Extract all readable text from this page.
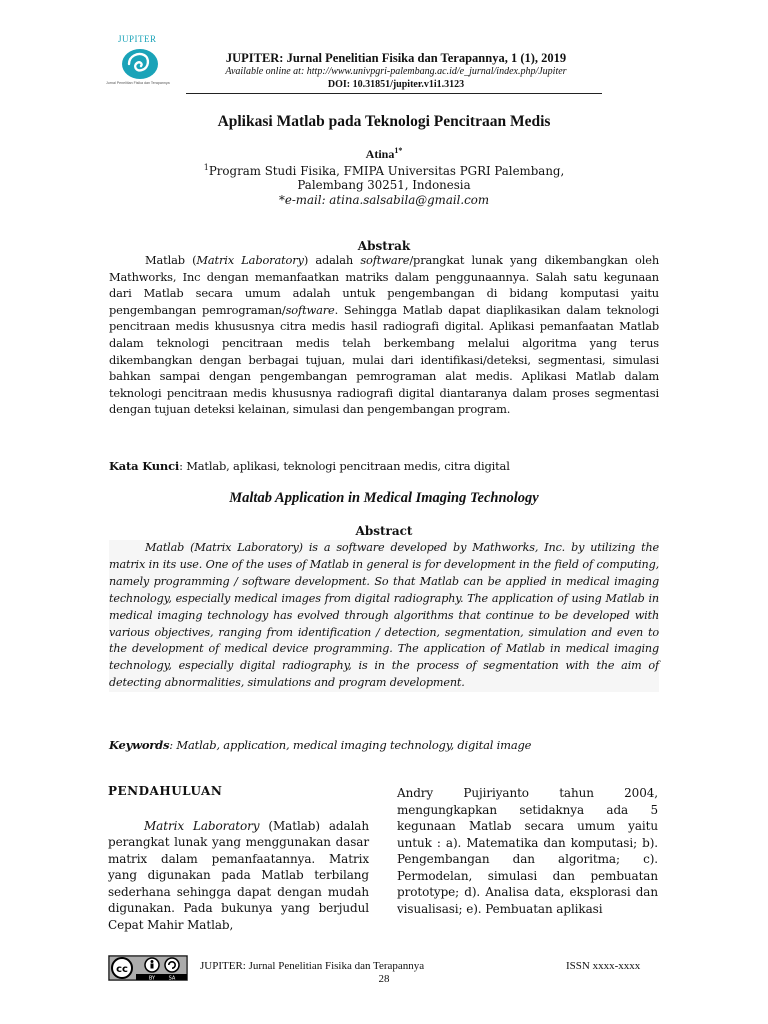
JUPITER
Jurnal Penelitian Fisika dan Terapannya
JUPITER: Jurnal Penelitian Fisika dan Terapannya, 1 (1), 2019
Available online at: http://www.univpgri-palembang.ac.id/e_jurnal/index.php/Jupiter
DOI: 10.31851/jupiter.v1i1.3123
Aplikasi Matlab pada Teknologi Pencitraan Medis
Atina$^{1*}$
$^1$Program Studi Fisika, FMIPA Universitas PGRI Palembang,
Palembang 30251, Indonesia
*e-mail: atina.salsabila@gmail.com
Abstrak
Matlab (Matrix Laboratory) adalah software/prangkat lunak yang dikembangkan oleh Mathworks, Inc dengan memanfaatkan matriks dalam penggunaannya. Salah satu kegunaan dari Matlab secara umum adalah untuk pengembangan di bidang komputasi yaitu pengembangan pemrograman/software. Sehingga Matlab dapat diaplikasikan dalam teknologi pencitraan medis khususnya citra medis hasil radiografi digital. Aplikasi pemanfaatan Matlab dalam teknologi pencitraan medis telah berkembang melalui algoritma yang terus dikembangkan dengan berbagai tujuan, mulai dari identifikasi/deteksi, segmentasi, simulasi bahkan sampai dengan pengembangan pemrograman alat medis. Aplikasi Matlab dalam teknologi pencitraan medis khususnya radiografi digital diantaranya dalam proses segmentasi dengan tujuan deteksi kelainan, simulasi dan pengembangan program.
Kata Kunci: Matlab, aplikasi, teknologi pencitraan medis, citra digital
Maltab Application in Medical Imaging Technology
Abstract
Matlab (Matrix Laboratory) is a software developed by Mathworks, Inc. by utilizing the matrix in its use. One of the uses of Matlab in general is for development in the field of computing, namely programming / software development. So that Matlab can be applied in medical imaging technology, especially medical images from digital radiography. The application of using Matlab in medical imaging technology has evolved through algorithms that continue to be developed with various objectives, ranging from identification / detection, segmentation, simulation and even to the development of medical device programming. The application of Matlab in medical imaging technology, especially digital radiography, is in the process of segmentation with the aim of detecting abnormalities, simulations and program development.
Keywords: Matlab, application, medical imaging technology, digital image
PENDAHULUAN
Matrix Laboratory (Matlab) adalah perangkat lunak yang menggunakan dasar matrix dalam pemanfaatannya. Matrix yang digunakan pada Matlab terbilang sederhana sehingga dapat dengan mudah digunakan. Pada bukunya yang berjudul Cepat Mahir Matlab,
Andry Pujiriyanto tahun 2004, mengungkapkan setidaknya ada 5 kegunaan Matlab secara umum yaitu untuk : a). Matematika dan komputasi; b). Pengembangan dan algoritma; c). Permodelan, simulasi dan pembuatan prototype; d). Analisa data, eksplorasi dan visualisasi; e). Pembuatan aplikasi
cc
BY	SA
JUPITER: Jurnal Penelitian Fisika dan Terapannya	ISSN xxxx-xxxx
28
